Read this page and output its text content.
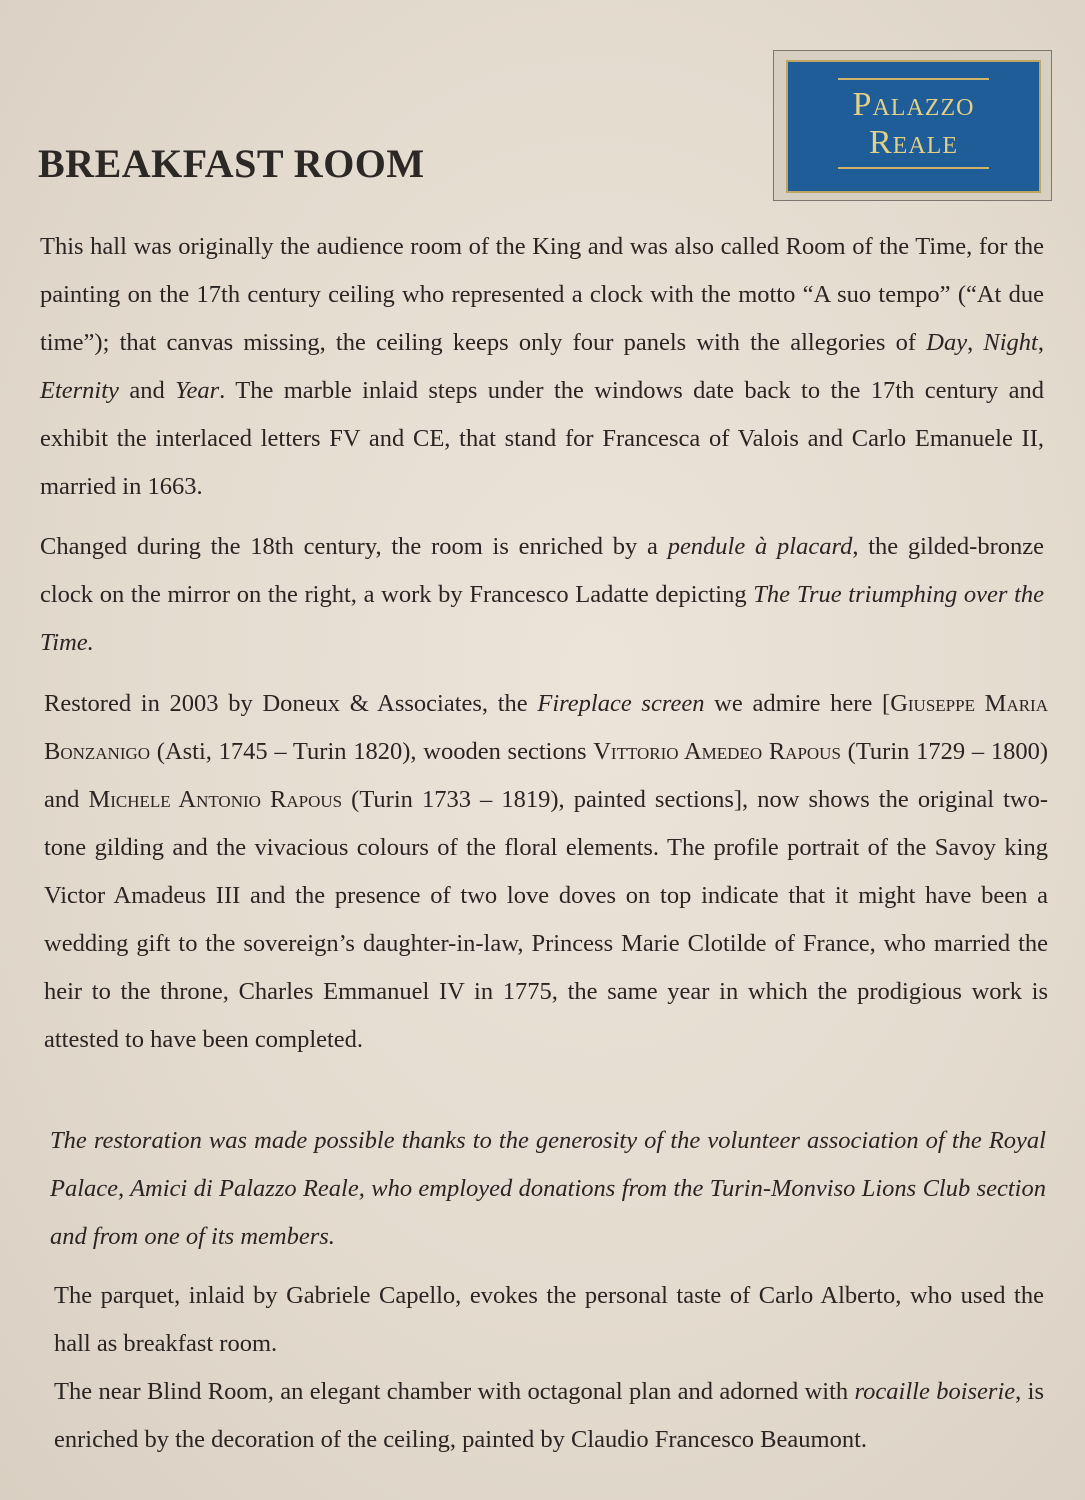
Palazzo
Reale
BREAKFAST ROOM

This hall was originally the audience room of the King and was also called Room of the Time, for the painting on the 17th century ceiling who represented a clock with the motto “A suo tempo” (“At due time”); that canvas missing, the ceiling keeps only four panels with the allegories of Day, Night, Eternity and Year. The marble inlaid steps under the windows date back to the 17th century and exhibit the interlaced letters FV and CE, that stand for Francesca of Valois and Carlo Emanuele II, married in 1663.

Changed during the 18th century, the room is enriched by a pendule à placard, the gilded-bronze clock on the mirror on the right, a work by Francesco Ladatte depicting The True triumphing over the Time.

Restored in 2003 by Doneux & Associates, the Fireplace screen we admire here [Giuseppe Maria Bonzanigo (Asti, 1745 – Turin 1820), wooden sections Vittorio Amedeo Rapous (Turin 1729 – 1800) and Michele Antonio Rapous (Turin 1733 – 1819), painted sections], now shows the original two-tone gilding and the vivacious colours of the floral elements. The profile portrait of the Savoy king Victor Amadeus III and the presence of two love doves on top indicate that it might have been a wedding gift to the sovereign’s daughter-in-law, Princess Marie Clotilde of France, who married the heir to the throne, Charles Emmanuel IV in 1775, the same year in which the prodigious work is attested to have been completed.

The restoration was made possible thanks to the generosity of the volunteer association of the Royal Palace, Amici di Palazzo Reale, who employed donations from the Turin-Monviso Lions Club section and from one of its members.

The parquet, inlaid by Gabriele Capello, evokes the personal taste of Carlo Alberto, who used the hall as breakfast room.
The near Blind Room, an elegant chamber with octagonal plan and adorned with rocaille boiserie, is enriched by the decoration of the ceiling, painted by Claudio Francesco Beaumont.
